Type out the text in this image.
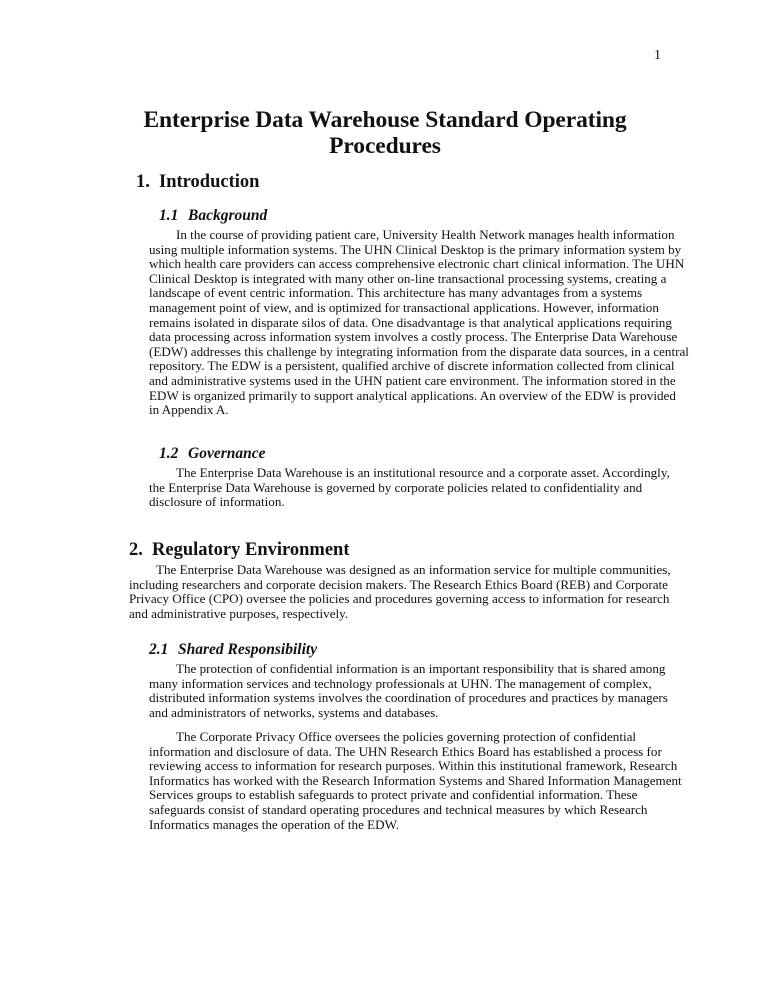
1
Enterprise Data Warehouse Standard Operating Procedures
1. Introduction
1.1 Background

In the course of providing patient care, University Health Network manages health information using multiple information systems. The UHN Clinical Desktop is the primary information system by which health care providers can access comprehensive electronic chart clinical information. The UHN Clinical Desktop is integrated with many other on-line transactional processing systems, creating a landscape of event centric information. This architecture has many advantages from a systems management point of view, and is optimized for transactional applications. However, information remains isolated in disparate silos of data. One disadvantage is that analytical applications requiring data processing across information system involves a costly process. The Enterprise Data Warehouse (EDW) addresses this challenge by integrating information from the disparate data sources, in a central repository. The EDW is a persistent, qualified archive of discrete information collected from clinical and administrative systems used in the UHN patient care environment. The information stored in the EDW is organized primarily to support analytical applications. An overview of the EDW is provided in Appendix A.

1.2 Governance

The Enterprise Data Warehouse is an institutional resource and a corporate asset. Accordingly, the Enterprise Data Warehouse is governed by corporate policies related to confidentiality and disclosure of information.

2. Regulatory Environment

The Enterprise Data Warehouse was designed as an information service for multiple communities, including researchers and corporate decision makers. The Research Ethics Board (REB) and Corporate Privacy Office (CPO) oversee the policies and procedures governing access to information for research and administrative purposes, respectively.

2.1 Shared Responsibility

The protection of confidential information is an important responsibility that is shared among many information services and technology professionals at UHN. The management of complex, distributed information systems involves the coordination of procedures and practices by managers and administrators of networks, systems and databases.

The Corporate Privacy Office oversees the policies governing protection of confidential information and disclosure of data. The UHN Research Ethics Board has established a process for reviewing access to information for research purposes. Within this institutional framework, Research Informatics has worked with the Research Information Systems and Shared Information Management Services groups to establish safeguards to protect private and confidential information. These safeguards consist of standard operating procedures and technical measures by which Research Informatics manages the operation of the EDW.
